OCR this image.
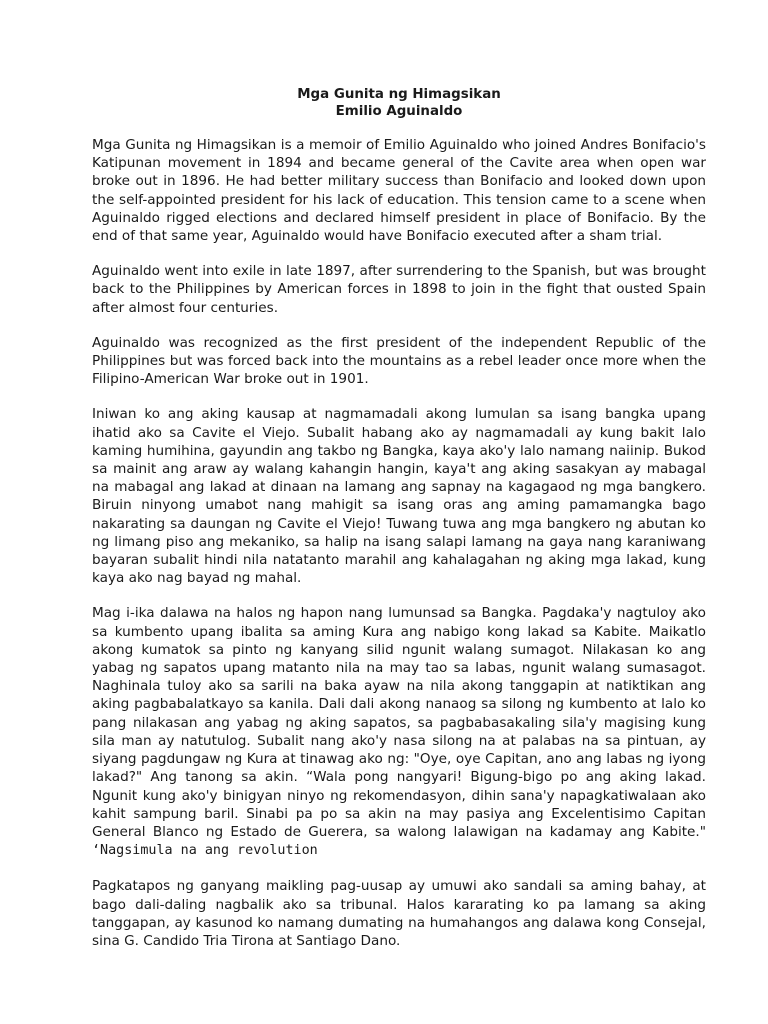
Mga Gunita ng Himagsikan
Emilio Aguinaldo

Mga Gunita ng Himagsikan is a memoir of Emilio Aguinaldo who joined Andres Bonifacio's Katipunan movement in 1894 and became general of the Cavite area when open war broke out in 1896. He had better military success than Bonifacio and looked down upon the self-appointed president for his lack of education. This tension came to a scene when Aguinaldo rigged elections and declared himself president in place of Bonifacio. By the end of that same year, Aguinaldo would have Bonifacio executed after a sham trial.

Aguinaldo went into exile in late 1897, after surrendering to the Spanish, but was brought back to the Philippines by American forces in 1898 to join in the fight that ousted Spain after almost four centuries.

Aguinaldo was recognized as the first president of the independent Republic of the Philippines but was forced back into the mountains as a rebel leader once more when the Filipino-American War broke out in 1901.

Iniwan ko ang aking kausap at nagmamadali akong lumulan sa isang bangka upang ihatid ako sa Cavite el Viejo. Subalit habang ako ay nagmamadali ay kung bakit lalo kaming humihina, gayundin ang takbo ng Bangka, kaya ako'y lalo namang naiinip. Bukod sa mainit ang araw ay walang kahangin hangin, kaya't ang aking sasakyan ay mabagal na mabagal ang lakad at dinaan na lamang ang sapnay na kagagaod ng mga bangkero. Biruin ninyong umabot nang mahigit sa isang oras ang aming pamamangka bago nakarating sa daungan ng Cavite el Viejo! Tuwang tuwa ang mga bangkero ng abutan ko ng limang piso ang mekaniko, sa halip na isang salapi lamang na gaya nang karaniwang bayaran subalit hindi nila natatanto marahil ang kahalagahan ng aking mga lakad, kung kaya ako nag bayad ng mahal.

Mag i-ika dalawa na halos ng hapon nang lumunsad sa Bangka. Pagdaka'y nagtuloy ako sa kumbento upang ibalita sa aming Kura ang nabigo kong lakad sa Kabite. Maikatlo akong kumatok sa pinto ng kanyang silid ngunit walang sumagot. Nilakasan ko ang yabag ng sapatos upang matanto nila na may tao sa labas, ngunit walang sumasagot. Naghinala tuloy ako sa sarili na baka ayaw na nila akong tanggapin at natiktikan ang aking pagbabalatkayo sa kanila. Dali dali akong nanaog sa silong ng kumbento at lalo ko pang nilakasan ang yabag ng aking sapatos, sa pagbabasakaling sila'y magising kung sila man ay natutulog. Subalit nang ako'y nasa silong na at palabas na sa pintuan, ay siyang pagdungaw ng Kura at tinawag ako ng: "Oye, oye Capitan, ano ang labas ng iyong lakad?" Ang tanong sa akin. “Wala pong nangyari! Bigung-bigo po ang aking lakad. Ngunit kung ako'y binigyan ninyo ng rekomendasyon, dihin sana'y napagkatiwalaan ako kahit sampung baril. Sinabi pa po sa akin na may pasiya ang Excelentisimo Capitan General Blanco ng Estado de Guerera, sa walong lalawigan na kadamay ang Kabite." ‘Nagsimula na ang revolution

Pagkatapos ng ganyang maikling pag-uusap ay umuwi ako sandali sa aming bahay, at bago dali-daling nagbalik ako sa tribunal. Halos kararating ko pa lamang sa aking tanggapan, ay kasunod ko namang dumating na humahangos ang dalawa kong Consejal, sina G. Candido Tria Tirona at Santiago Dano.
